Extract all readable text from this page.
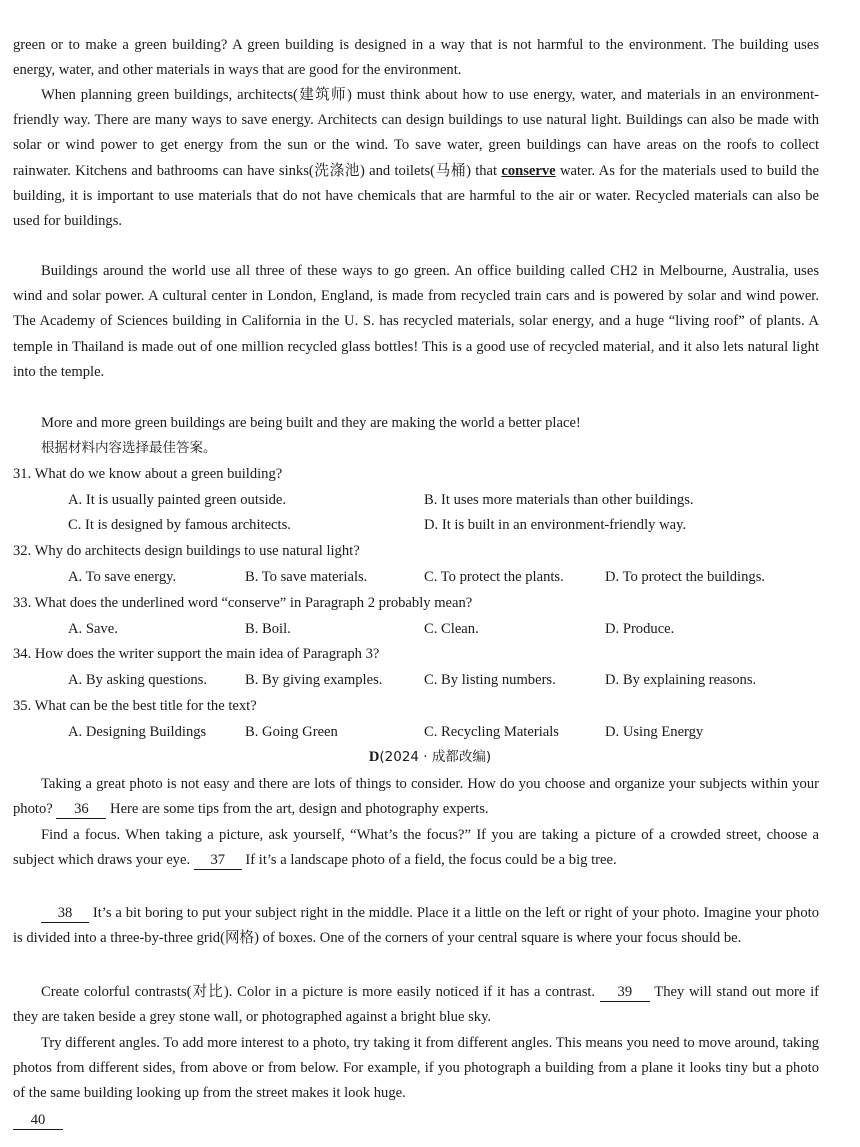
green or to make a green building? A green building is designed in a way that is not harmful to the environment. The building uses energy, water, and other materials in ways that are good for the environment.
When planning green buildings, architects(建筑师) must think about how to use energy, water, and materials in an environment-friendly way. There are many ways to save energy. Architects can design buildings to use natural light. Buildings can also be made with solar or wind power to get energy from the sun or the wind. To save water, green buildings can have areas on the roofs to collect rainwater. Kitchens and bathrooms can have sinks(洗涤池) and toilets(马桶) that conserve water. As for the materials used to build the building, it is important to use materials that do not have chemicals that are harmful to the air or water. Recycled materials can also be used for buildings.
Buildings around the world use all three of these ways to go green. An office building called CH2 in Melbourne, Australia, uses wind and solar power. A cultural center in London, England, is made from recycled train cars and is powered by solar and wind power. The Academy of Sciences building in California in the U. S. has recycled materials, solar energy, and a huge “living roof” of plants. A temple in Thailand is made out of one million recycled glass bottles! This is a good use of recycled material, and it also lets natural light into the temple.
More and more green buildings are being built and they are making the world a better place!
根据材料内容选择最佳答案。
31. What do we know about a green building?
A. It is usually painted green outside.	B. It uses more materials than other buildings.
C. It is designed by famous architects.	D. It is built in an environment-friendly way.
32. Why do architects design buildings to use natural light?
A. To save energy.	B. To save materials.	C. To protect the plants.	D. To protect the buildings.
33. What does the underlined word “conserve” in Paragraph 2 probably mean?
A. Save.	B. Boil.	C. Clean.	D. Produce.
34. How does the writer support the main idea of Paragraph 3?
A. By asking questions.	B. By giving examples.	C. By listing numbers.	D. By explaining reasons.
35. What can be the best title for the text?
A. Designing Buildings	B. Going Green	C. Recycling Materials	D. Using Energy
D(2024 · 成都改编)
Taking a great photo is not easy and there are lots of things to consider. How do you choose and organize your subjects within your photo? 36 Here are some tips from the art, design and photography experts.
Find a focus. When taking a picture, ask yourself, “What’s the focus?” If you are taking a picture of a crowded street, choose a subject which draws your eye. 37 If it’s a landscape photo of a field, the focus could be a big tree.
38 It’s a bit boring to put your subject right in the middle. Place it a little on the left or right of your photo. Imagine your photo is divided into a three-by-three grid(网格) of boxes. One of the corners of your central square is where your focus should be.
Create colorful contrasts(对比). Color in a picture is more easily noticed if it has a contrast. 39 They will stand out more if they are taken beside a grey stone wall, or photographed against a bright blue sky.
Try different angles. To add more interest to a photo, try taking it from different angles. This means you need to move around, taking photos from different sides, from above or from below. For example, if you photograph a building from a plane it looks tiny but a photo of the same building looking up from the street makes it look huge.
40
